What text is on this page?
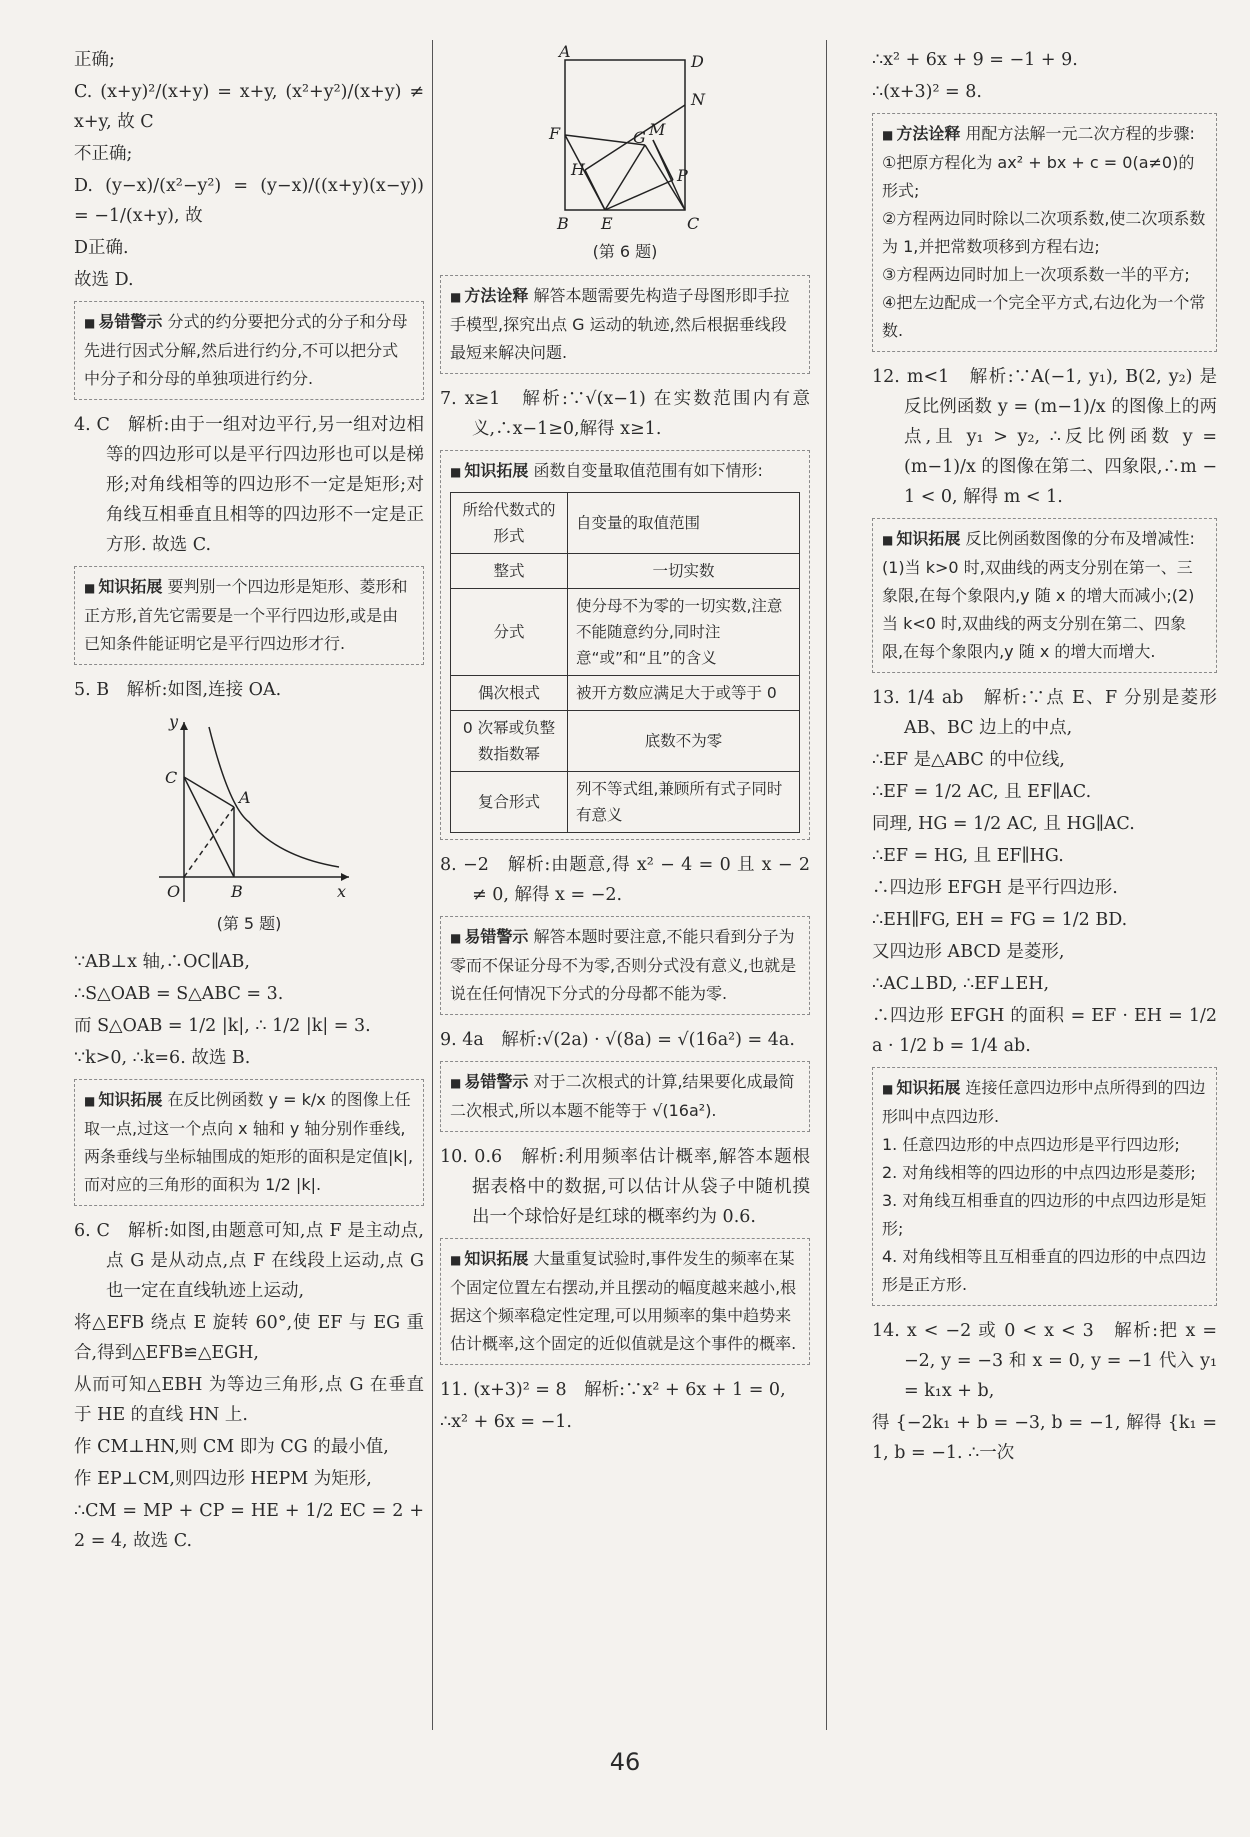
正确;

C. (x+y)²/(x+y) = x+y, (x²+y²)/(x+y) ≠ x+y, 故 C

不正确;

D. (y−x)/(x²−y²) = (y−x)/((x+y)(x−y)) = −1/(x+y), 故

D正确.

故选 D.

■ 易错警示 分式的约分要把分式的分子和分母先进行因式分解,然后进行约分,不可以把分式中分子和分母的单独项进行约分.

4. C　解析:由于一组对边平行,另一组对边相等的四边形可以是平行四边形也可以是梯形;对角线相等的四边形不一定是矩形;对角线互相垂直且相等的四边形不一定是正方形. 故选 C.

■ 知识拓展 要判别一个四边形是矩形、菱形和正方形,首先它需要是一个平行四边形,或是由已知条件能证明它是平行四边形才行.

5. B　解析:如图,连接 OA.

y
x
C
A
O	B

(第 5 题)

∵AB⊥x 轴,∴OC∥AB,

∴S△OAB = S△ABC = 3.

而 S△OAB = 1/2 |k|, ∴ 1/2 |k| = 3.

∵k>0, ∴k=6. 故选 B.

■ 知识拓展 在反比例函数 y = k/x 的图像上任取一点,过这一个点向 x 轴和 y 轴分别作垂线,两条垂线与坐标轴围成的矩形的面积是定值|k|,而对应的三角形的面积为 1/2 |k|.

6. C　解析:如图,由题意可知,点 F 是主动点,点 G 是从动点,点 F 在线段上运动,点 G 也一定在直线轨迹上运动,

将△EFB 绕点 E 旋转 60°,使 EF 与 EG 重合,得到△EFB≌△EGH,

从而可知△EBH 为等边三角形,点 G 在垂直于 HE 的直线 HN 上.

作 CM⊥HN,则 CM 即为 CG 的最小值,

作 EP⊥CM,则四边形 HEPM 为矩形,

∴CM = MP + CP = HE + 1/2 EC = 2 + 2 = 4, 故选 C.

A
D
N
F	G M
P
H
B E	C

(第 6 题)

■ 方法诠释 解答本题需要先构造子母图形即手拉手模型,探究出点 G 运动的轨迹,然后根据垂线段最短来解决问题.

7. x≥1　解析:∵√(x−1) 在实数范围内有意义,∴x−1≥0,解得 x≥1.

■ 知识拓展 函数自变量取值范围有如下情形:
所给代数式的形式	自变量的取值范围
整式	一切实数
分式	使分母不为零的一切实数,注意不能随意约分,同时注意“或”和“且”的含义
偶次根式	被开方数应满足大于或等于 0
0 次幂或负整数指数幂	底数不为零
复合形式	列不等式组,兼顾所有式子同时有意义

8. −2　解析:由题意,得 x² − 4 = 0 且 x − 2 ≠ 0, 解得 x = −2.

■ 易错警示 解答本题时要注意,不能只看到分子为零而不保证分母不为零,否则分式没有意义,也就是说在任何情况下分式的分母都不能为零.

9. 4a　解析:√(2a) · √(8a) = √(16a²) = 4a.

■ 易错警示 对于二次根式的计算,结果要化成最简二次根式,所以本题不能等于 √(16a²).

10. 0.6　解析:利用频率估计概率,解答本题根据表格中的数据,可以估计从袋子中随机摸出一个球恰好是红球的概率约为 0.6.

■ 知识拓展 大量重复试验时,事件发生的频率在某个固定位置左右摆动,并且摆动的幅度越来越小,根据这个频率稳定性定理,可以用频率的集中趋势来估计概率,这个固定的近似值就是这个事件的概率.

11. (x+3)² = 8　解析:∵x² + 6x + 1 = 0,

∴x² + 6x = −1.

∴x² + 6x + 9 = −1 + 9.

∴(x+3)² = 8.

■ 方法诠释 用配方法解一元二次方程的步骤:
①把原方程化为 ax² + bx + c = 0(a≠0)的形式;
②方程两边同时除以二次项系数,使二次项系数为 1,并把常数项移到方程右边;
③方程两边同时加上一次项系数一半的平方;
④把左边配成一个完全平方式,右边化为一个常数.

12. m<1　解析:∵A(−1, y₁), B(2, y₂) 是反比例函数 y = (m−1)/x 的图像上的两点,且 y₁ > y₂, ∴反比例函数 y = (m−1)/x 的图像在第二、四象限,∴m − 1 < 0, 解得 m < 1.

■ 知识拓展 反比例函数图像的分布及增减性:(1)当 k>0 时,双曲线的两支分别在第一、三象限,在每个象限内,y 随 x 的增大而减小;(2)当 k<0 时,双曲线的两支分别在第二、四象限,在每个象限内,y 随 x 的增大而增大.

13. 1/4 ab　解析:∵点 E、F 分别是菱形 AB、BC 边上的中点,

∴EF 是△ABC 的中位线,

∴EF = 1/2 AC, 且 EF∥AC.

同理, HG = 1/2 AC, 且 HG∥AC.

∴EF = HG, 且 EF∥HG.

∴四边形 EFGH 是平行四边形.

∴EH∥FG, EH = FG = 1/2 BD.

又四边形 ABCD 是菱形,

∴AC⊥BD, ∴EF⊥EH,

∴四边形 EFGH 的面积 = EF · EH = 1/2 a · 1/2 b = 1/4 ab.

■ 知识拓展 连接任意四边形中点所得到的四边形叫中点四边形.
1. 任意四边形的中点四边形是平行四边形;
2. 对角线相等的四边形的中点四边形是菱形;
3. 对角线互相垂直的四边形的中点四边形是矩形;
4. 对角线相等且互相垂直的四边形的中点四边形是正方形.

14. x < −2 或 0 < x < 3　解析:把 x = −2, y = −3 和 x = 0, y = −1 代入 y₁ = k₁x + b,

得 {−2k₁ + b = −3, b = −1, 解得 {k₁ = 1, b = −1. ∴一次

46
